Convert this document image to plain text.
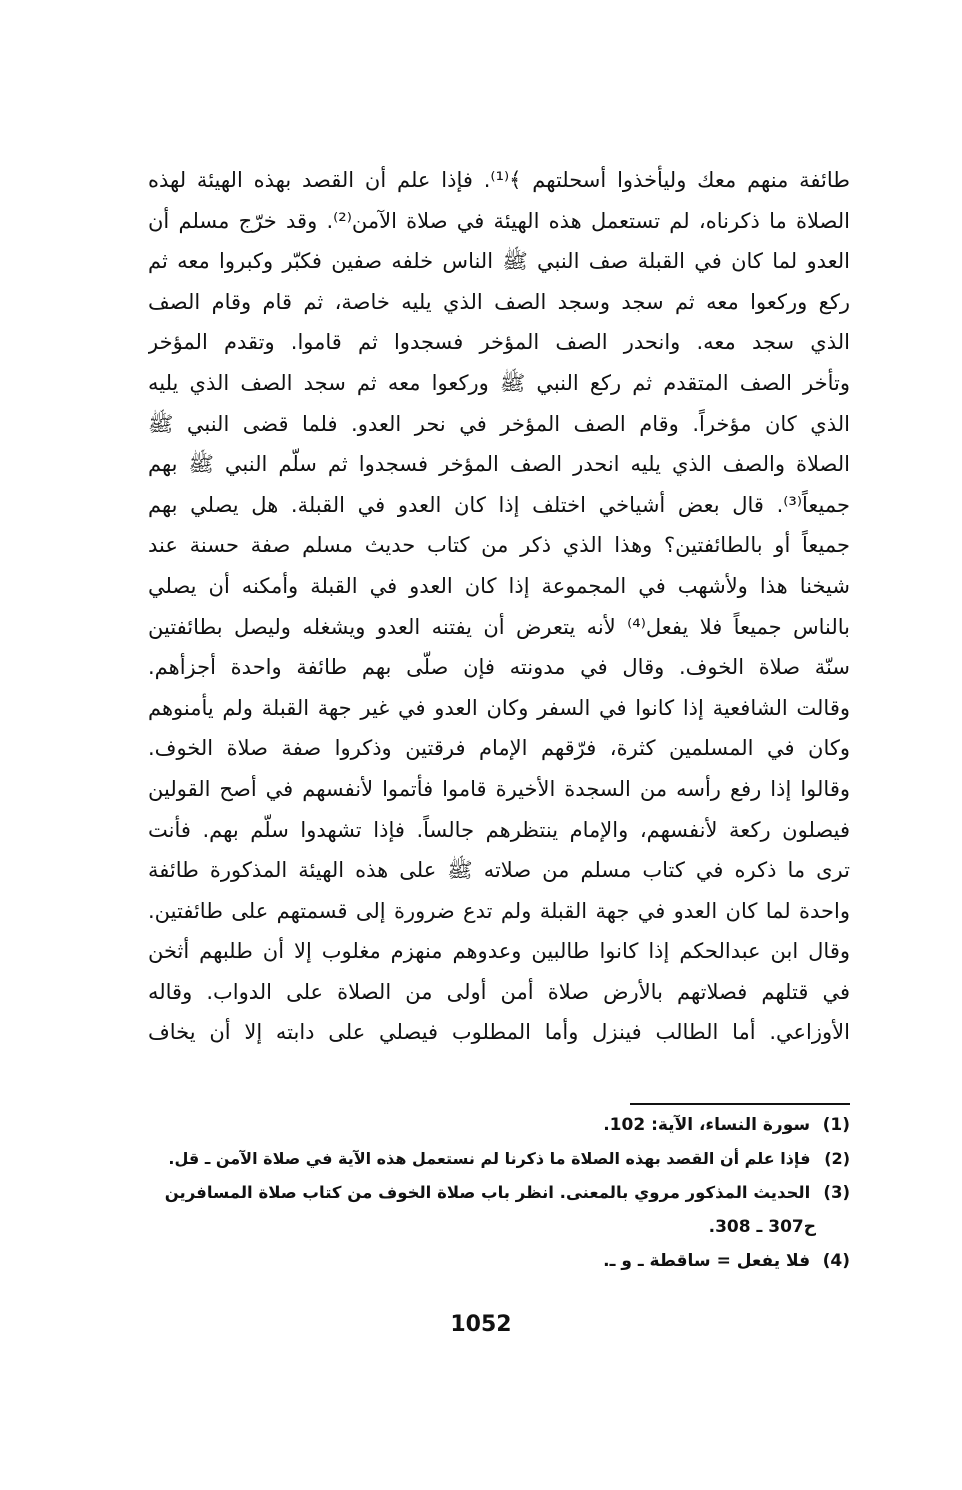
طائفة منهم معك وليأخذوا أسحلتهم ﴾⁽¹⁾. فإذا علم أن القصد بهذه الهيئة لهذه
الصلاة ما ذكرناه، لم تستعمل هذه الهيئة في صلاة الآمن⁽²⁾. وقد خرّج مسلم أن
العدو لما كان في القبلة صف النبي ﷺ الناس خلفه صفين فكبّر وكبروا معه ثم
ركع وركعوا معه ثم سجد وسجد الصف الذي يليه خاصة، ثم قام وقام الصف
الذي سجد معه. وانحدر الصف المؤخر فسجدوا ثم قاموا. وتقدم المؤخر
وتأخر الصف المتقدم ثم ركع النبي ﷺ وركعوا معه ثم سجد الصف الذي يليه
الذي كان مؤخراً. وقام الصف المؤخر في نحر العدو. فلما قضى النبي ﷺ
الصلاة والصف الذي يليه انحدر الصف المؤخر فسجدوا ثم سلّم النبي ﷺ بهم
جميعاً⁽³⁾. قال بعض أشياخي اختلف إذا كان العدو في القبلة. هل يصلي بهم
جميعاً أو بالطائفتين؟ وهذا الذي ذكر من كتاب حديث مسلم صفة حسنة عند
شيخنا هذا ولأشهب في المجموعة إذا كان العدو في القبلة وأمكنه أن يصلي
بالناس جميعاً فلا يفعل⁽⁴⁾ لأنه يتعرض أن يفتنه العدو ويشغله وليصل بطائفتين
سنّة صلاة الخوف. وقال في مدونته فإن صلّى بهم طائفة واحدة أجزأهم.
وقالت الشافعية إذا كانوا في السفر وكان العدو في غير جهة القبلة ولم يأمنوهم
وكان في المسلمين كثرة، فرّقهم الإمام فرقتين وذكروا صفة صلاة الخوف.
وقالوا إذا رفع رأسه من السجدة الأخيرة قاموا فأتموا لأنفسهم في أصح القولين
فيصلون ركعة لأنفسهم، والإمام ينتظرهم جالساً. فإذا تشهدوا سلّم بهم. فأنت
ترى ما ذكره في كتاب مسلم من صلاته ﷺ على هذه الهيئة المذكورة طائفة
واحدة لما كان العدو في جهة القبلة ولم تدع ضرورة إلى قسمتهم على طائفتين.
وقال ابن عبدالحكم إذا كانوا طالبين وعدوهم منهزم مغلوب إلا أن طلبهم أثخن
في قتلهم فصلاتهم بالأرض صلاة أمن أولى من الصلاة على الدواب. وقاله
الأوزاعي. أما الطالب فينزل وأما المطلوب فيصلي على دابته إلا أن يخاف
(1) سورة النساء، الآية: 102.
(2) فإذا علم أن القصد بهذه الصلاة ما ذكرنا لم نستعمل هذه الآية في صلاة الآمن ـ قل.
(3) الحديث المذكور مروي بالمعنى. انظر باب صلاة الخوف من كتاب صلاة المسافرين
ح307 ـ 308.
(4) فلا يفعل = ساقطة ـ و ـ.
1052
